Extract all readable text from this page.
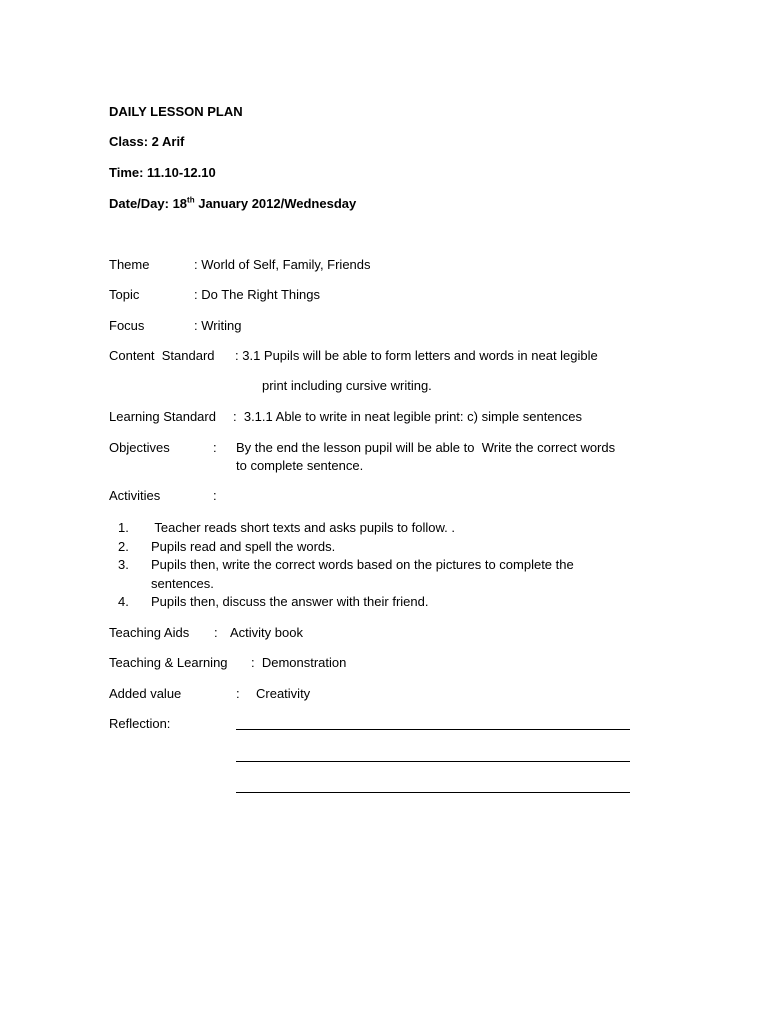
DAILY LESSON PLAN
Class: 2 Arif
Time: 11.10-12.10
Date/Day: 18th January 2012/Wednesday
Theme	: World of Self, Family, Friends
Topic	: Do The Right Things
Focus	: Writing
Content  Standard : 3.1 Pupils will be able to form letters and words in neat legible
print including cursive writing.
Learning Standard :  3.1.1 Able to write in neat legible print: c) simple sentences
Objectives	: By the end the lesson pupil will be able to  Write the correct words
to complete sentence.
Activities	:
1. Teacher reads short texts and asks pupils to follow. .
2. Pupils read and spell the words.
3. Pupils then, write the correct words based on the pictures to complete the
sentences.
4. Pupils then, discuss the answer with their friend.
Teaching Aids : Activity book
Teaching & Learning :  Demonstration
Added value	: Creativity
Reflection:
